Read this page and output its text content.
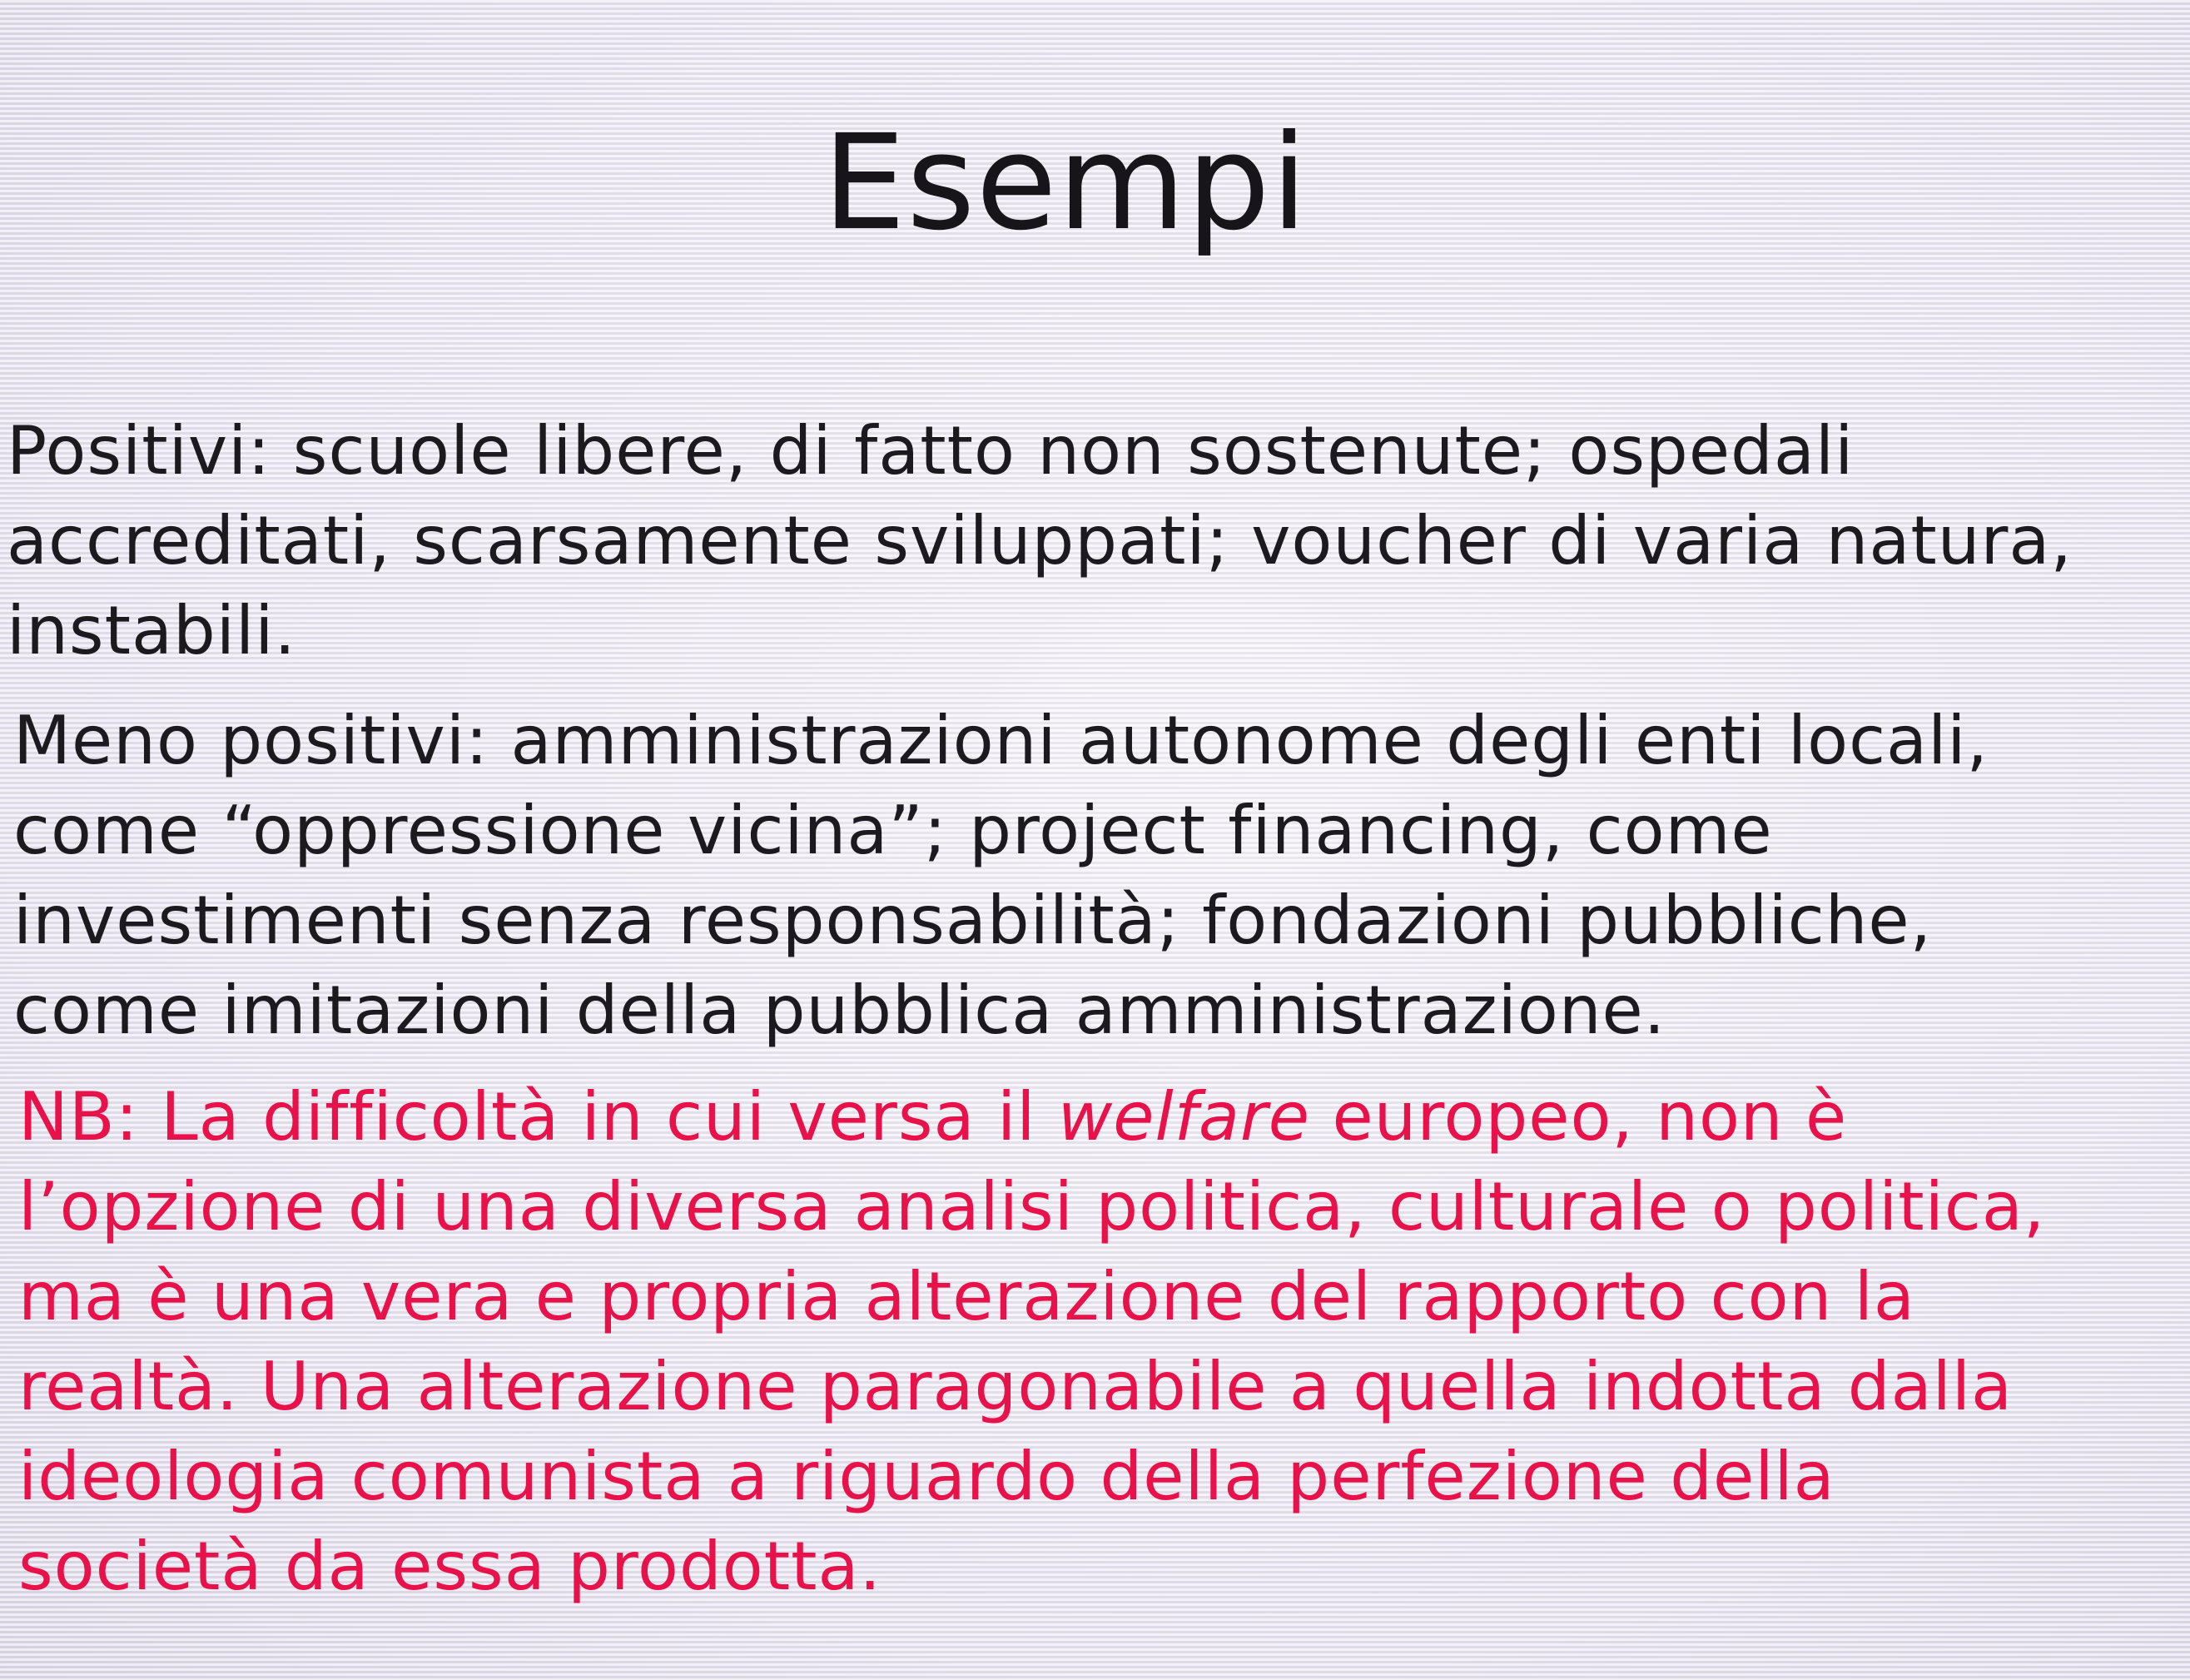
Esempi

Positivi: scuole libere, di fatto non sostenute; ospedali
accreditati, scarsamente sviluppati; voucher di varia natura,
instabili.

Meno positivi: amministrazioni autonome degli enti locali,
come “oppressione vicina”; project financing, come
investimenti senza responsabilità; fondazioni pubbliche,
come imitazioni della pubblica amministrazione.

NB: La difficoltà in cui versa il welfare europeo, non è
l’opzione di una diversa analisi politica, culturale o politica,
ma è una vera e propria alterazione del rapporto con la
realtà. Una alterazione paragonabile a quella indotta dalla
ideologia comunista a riguardo della perfezione della
società da essa prodotta.
